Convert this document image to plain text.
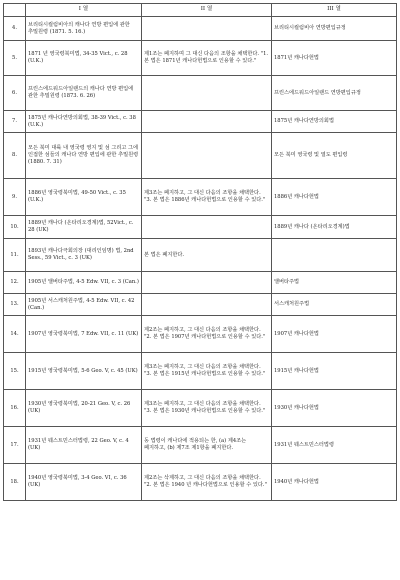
	I 열	II 열	III 열
4.	브리티시컬럼비아의 캐나다 연방 편입에 관한 추밀원령 (1871. 5. 16.)		브리티시컬럼비아 연방편입규정
5.	1871 년 영국령북미법, 34-35 Vict., c. 28 (U.K.)	제1조는 폐지하며 그 대신 다음의 조항을 채택한다. "1. 본 법은 1871년 캐나다헌법으로 인용할 수 있다."	1871년 캐나다헌법
6.	프린스에드워드아일랜드의 캐나다 연방 편입에 관한 추밀원령 (1873. 6. 26)		프린스에드워드아일랜드 연방편입규정
7.	1875년 캐나다연방의회법, 38-39 Vict., c. 38 (U.K.)		1875년 캐나다연방의회법
8.	모든 북미 대륙 내 영국령 영지 및 섬 그리고 그에 인접한 섬들의 캐나다 연방 편입에 관한 추밀원령 (1880. 7. 31)		모든 북미 영국령 및 열도 편입령
9.	1886년 영국령북미법, 49-50 Vict., c. 35 (U.K.)	제3조는 폐지하고, 그 대신 다음의 조항을 채택한다. "3. 본 법은 1886년 캐나다헌법으로 인용할 수 있다."	1886년 캐나다헌법
10.	1889년 캐나다 (온타리오경계)법, 52Vict., c. 28 (UK)		1889년 캐나다 (온타리오경계)법
11.	1893년 캐나다극회의장 (대리인임명) 법, 2nd Sess., 59 Vict., c. 3 (UK)	본 법은 폐지한다.	
12.	1905년 앨버타주법, 4-5 Edw. VII, c. 3 (Can.)		앨버타주법
13.	1905년 서스캐처원주법, 4-5 Edw. VII, c. 42 (Can.)		서스캐처원주법
14.	1907년 영국령북미법, 7 Edw. VII, c. 11 (UK)	제2조는 폐지하고, 그 대신 다음의 조항을 채택한다. "2. 본 법은 1907년 캐나다헌법으로 인용할 수 있다."	1907년 캐나다헌법
15.	1915년 영국령북미법, 5-6 Geo. V, c. 45 (UK)	제3조는 폐지하고, 그 대신 다음의 조항을 채택한다. "3. 본 법은 1915년 캐나다헌법으로 인용할 수 있다."	1915년 캐나다헌법
16.	1930년 영국령북미법, 20-21 Geo. V, c. 26 (UK)	제3조는 폐지하고, 그 대신 다음의 조항을 채택한다. "3. 본 법은 1930년 캐나다헌법으로 인용할 수 있다."	1930년 캐나다헌법
17.	1931년 웨스트민스터법령, 22 Geo. V, c. 4 (UK)	동 법령이 캐나다에 적용되는 한, (a) 제4조는 폐지하고, (b) 제7조 제1항을 폐지한다.	1931년 웨스트민스터법령
18.	1940년 영국령북미법, 3-4 Geo. VI, c. 36 (UK)	제2조는 삭제하고, 그 대신 다음의 조항을 채택한다. "2. 본 법은 1940 년 캐나다헌법으로 인용할 수 있다."	1940년 캐나다헌법
